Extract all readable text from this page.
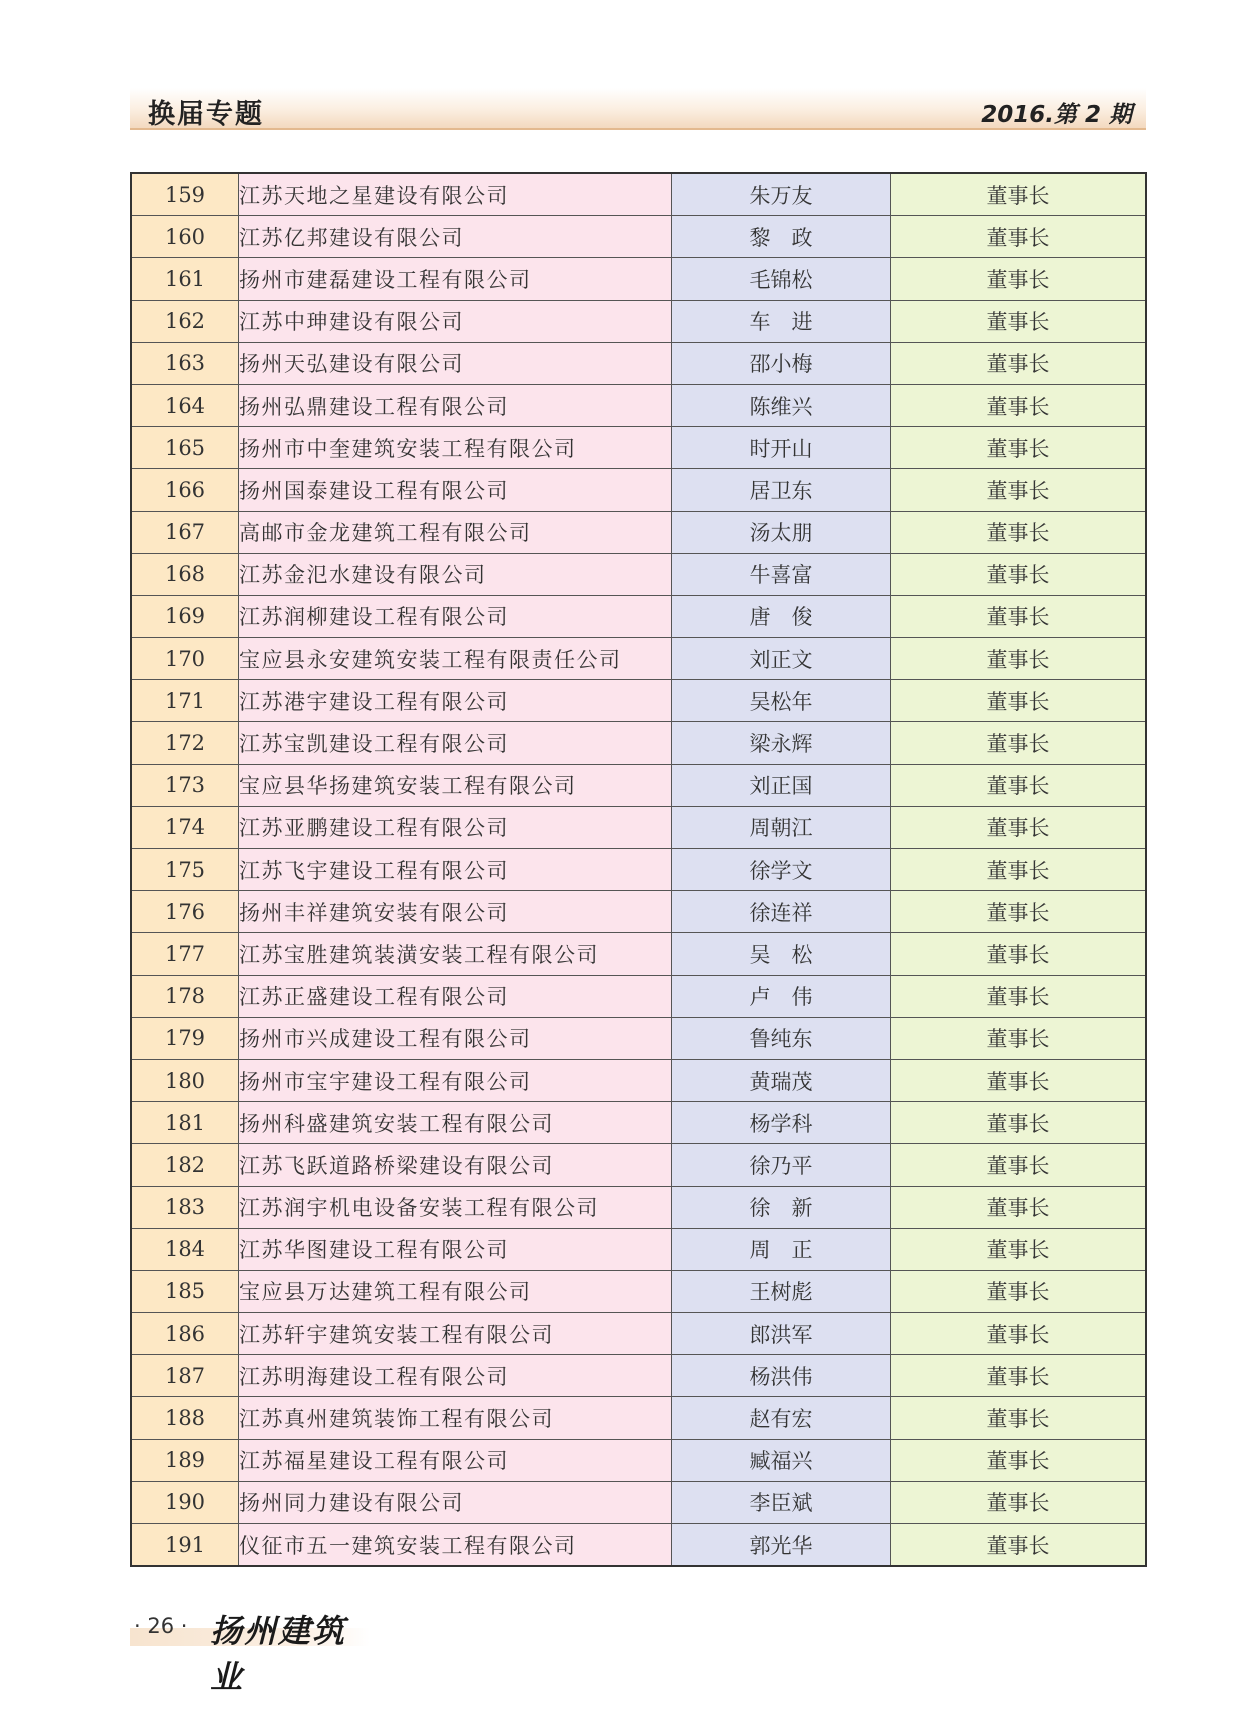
换届专题	2016.第 2 期
159	江苏天地之星建设有限公司	朱万友	董事长
160	江苏亿邦建设有限公司	黎　政	董事长
161	扬州市建磊建设工程有限公司	毛锦松	董事长
162	江苏中珅建设有限公司	车　进	董事长
163	扬州天弘建设有限公司	邵小梅	董事长
164	扬州弘鼎建设工程有限公司	陈维兴	董事长
165	扬州市中奎建筑安装工程有限公司	时开山	董事长
166	扬州国泰建设工程有限公司	居卫东	董事长
167	高邮市金龙建筑工程有限公司	汤太朋	董事长
168	江苏金氾水建设有限公司	牛喜富	董事长
169	江苏润柳建设工程有限公司	唐　俊	董事长
170	宝应县永安建筑安装工程有限责任公司	刘正文	董事长
171	江苏港宇建设工程有限公司	吴松年	董事长
172	江苏宝凯建设工程有限公司	梁永辉	董事长
173	宝应县华扬建筑安装工程有限公司	刘正国	董事长
174	江苏亚鹏建设工程有限公司	周朝江	董事长
175	江苏飞宇建设工程有限公司	徐学文	董事长
176	扬州丰祥建筑安装有限公司	徐连祥	董事长
177	江苏宝胜建筑装潢安装工程有限公司	吴　松	董事长
178	江苏正盛建设工程有限公司	卢　伟	董事长
179	扬州市兴成建设工程有限公司	鲁纯东	董事长
180	扬州市宝宇建设工程有限公司	黄瑞茂	董事长
181	扬州科盛建筑安装工程有限公司	杨学科	董事长
182	江苏飞跃道路桥梁建设有限公司	徐乃平	董事长
183	江苏润宇机电设备安装工程有限公司	徐　新	董事长
184	江苏华图建设工程有限公司	周　正	董事长
185	宝应县万达建筑工程有限公司	王树彪	董事长
186	江苏轩宇建筑安装工程有限公司	郎洪军	董事长
187	江苏明海建设工程有限公司	杨洪伟	董事长
188	江苏真州建筑装饰工程有限公司	赵有宏	董事长
189	江苏福星建设工程有限公司	臧福兴	董事长
190	扬州同力建设有限公司	李臣斌	董事长
191	仪征市五一建筑安装工程有限公司	郭光华	董事长
· 26 · 扬州建筑业
